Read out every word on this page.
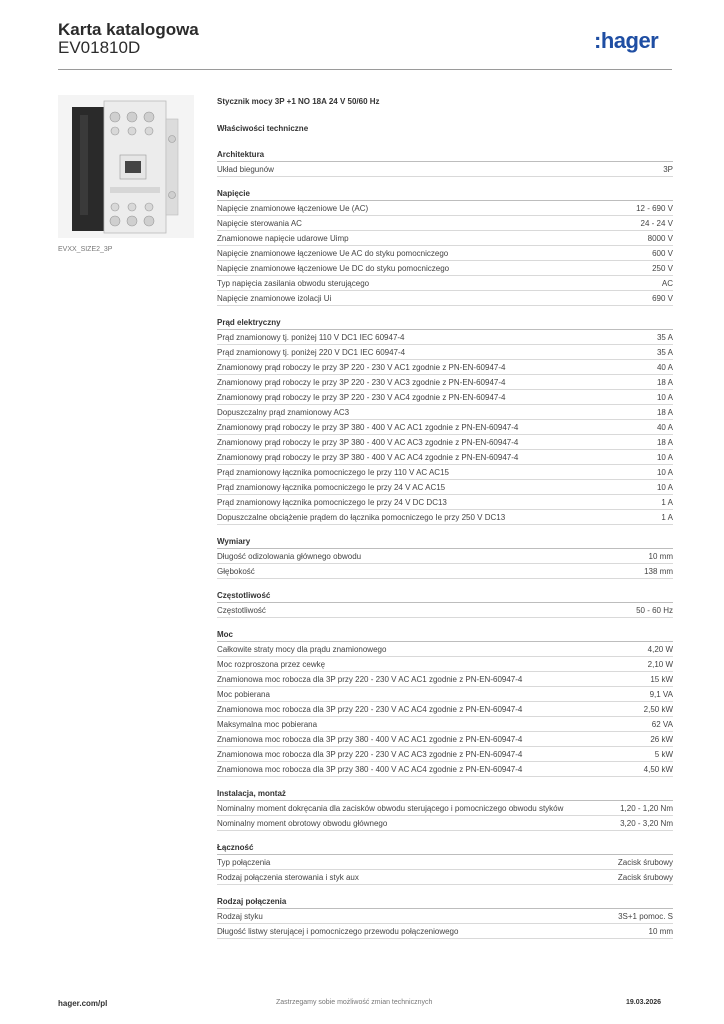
Karta katalogowa
EV01810D	:hager
EVXX_SIZE2_3P
Stycznik mocy 3P +1 NO 18A 24 V 50/60 Hz
Właściwości techniczne
Architektura
Układ biegunów	3P
Napięcie
Napięcie znamionowe łączeniowe Ue (AC)	12 - 690 V
Napięcie sterowania AC	24 - 24 V
Znamionowe napięcie udarowe Uimp	8000 V
Napięcie znamionowe łączeniowe Ue AC do styku pomocniczego	600 V
Napięcie znamionowe łączeniowe Ue DC do styku pomocniczego	250 V
Typ napięcia zasilania obwodu sterującego	AC
Napięcie znamionowe izolacji Ui	690 V
Prąd elektryczny
Prąd znamionowy tj. poniżej 110 V DC1 IEC 60947-4	35 A
Prąd znamionowy tj. poniżej 220 V DC1 IEC 60947-4	35 A
Znamionowy prąd roboczy Ie przy 3P 220 - 230 V AC1 zgodnie z PN-EN-60947-4	40 A
Znamionowy prąd roboczy Ie przy 3P 220 - 230 V AC3 zgodnie z PN-EN-60947-4	18 A
Znamionowy prąd roboczy Ie przy 3P 220 - 230 V AC4 zgodnie z PN-EN-60947-4	10 A
Dopuszczalny prąd znamionowy AC3	18 A
Znamionowy prąd roboczy Ie przy 3P 380 - 400 V AC AC1 zgodnie z PN-EN-60947-4	40 A
Znamionowy prąd roboczy Ie przy 3P 380 - 400 V AC AC3 zgodnie z PN-EN-60947-4	18 A
Znamionowy prąd roboczy Ie przy 3P 380 - 400 V AC AC4 zgodnie z PN-EN-60947-4	10 A
Prąd znamionowy łącznika pomocniczego Ie przy 110 V AC AC15	10 A
Prąd znamionowy łącznika pomocniczego Ie przy 24 V AC AC15	10 A
Prąd znamionowy łącznika pomocniczego Ie przy 24 V DC DC13	1 A
Dopuszczalne obciążenie prądem do łącznika pomocniczego Ie przy 250 V DC13	1 A
Wymiary
Długość odizolowania głównego obwodu	10 mm
Głębokość	138 mm
Częstotliwość
Częstotliwość	50 - 60 Hz
Moc
Całkowite straty mocy dla prądu znamionowego	4,20 W
Moc rozproszona przez cewkę	2,10 W
Znamionowa moc robocza dla 3P przy 220 - 230 V AC AC1 zgodnie z PN-EN-60947-4	15 kW
Moc pobierana	9,1 VA
Znamionowa moc robocza dla 3P przy 220 - 230 V AC AC4 zgodnie z PN-EN-60947-4	2,50 kW
Maksymalna moc pobierana	62 VA
Znamionowa moc robocza dla 3P przy 380 - 400 V AC AC1 zgodnie z PN-EN-60947-4	26 kW
Znamionowa moc robocza dla 3P przy 220 - 230 V AC AC3 zgodnie z PN-EN-60947-4	5 kW
Znamionowa moc robocza dla 3P przy 380 - 400 V AC AC4 zgodnie z PN-EN-60947-4	4,50 kW
Instalacja, montaż
Nominalny moment dokręcania dla zacisków obwodu sterującego i pomocniczego obwodu styków	1,20 - 1,20 Nm
Nominalny moment obrotowy obwodu głównego	3,20 - 3,20 Nm
Łączność
Typ połączenia	Zacisk śrubowy
Rodzaj połączenia sterowania i styk aux	Zacisk śrubowy
Rodzaj połączenia
Rodzaj styku	3S+1 pomoc. S
Długość listwy sterującej i pomocniczego przewodu połączeniowego	10 mm
hager.com/pl	Zastrzegamy sobie możliwość zmian technicznych	19.03.2026
